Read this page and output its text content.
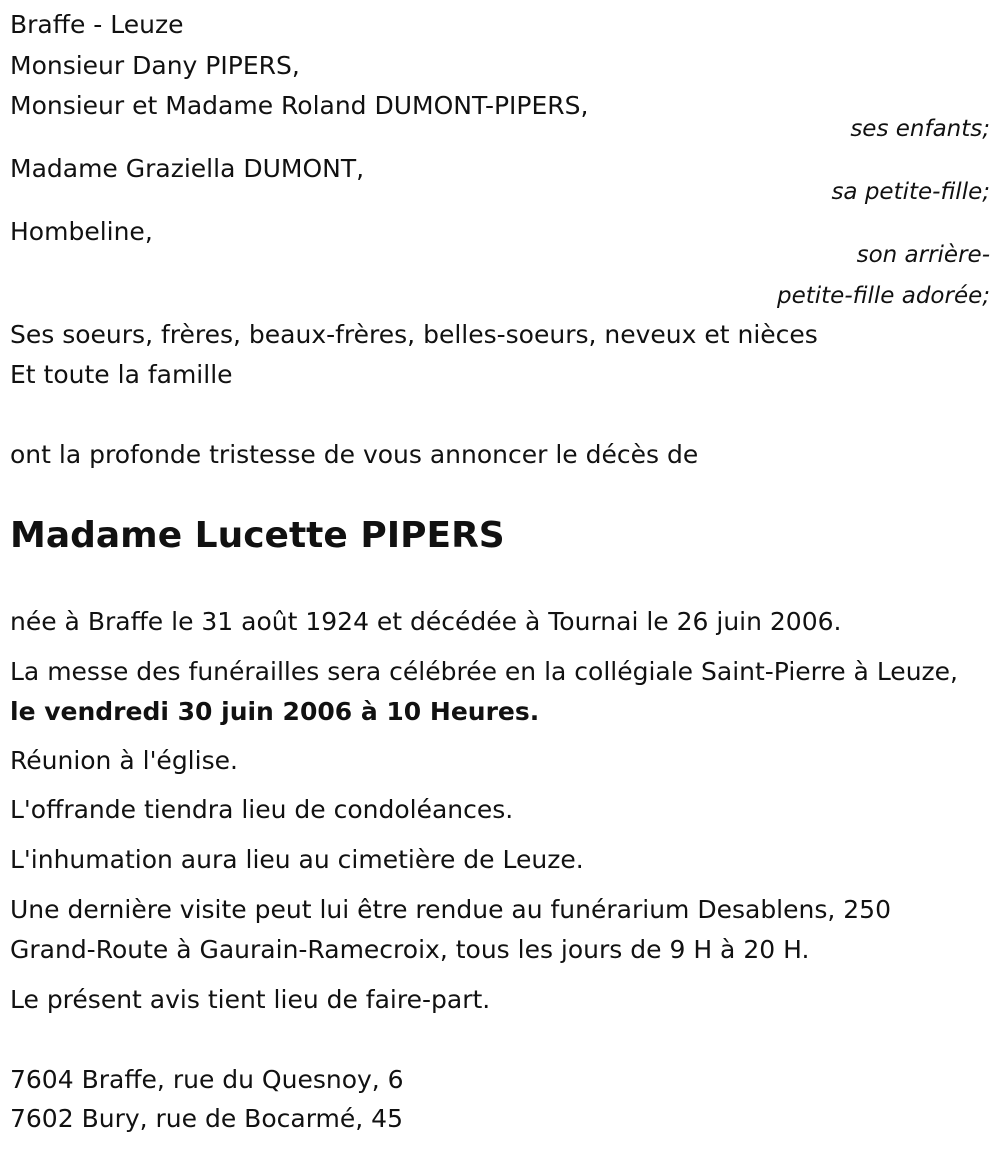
Braffe - Leuze
Monsieur Dany PIPERS,
Monsieur et Madame Roland DUMONT-PIPERS,
ses enfants;
Madame Graziella DUMONT,
sa petite-fille;
Hombeline,
son arrière-
petite-fille adorée;
Ses soeurs, frères, beaux-frères, belles-soeurs, neveux et nièces
Et toute la famille
ont la profonde tristesse de vous annoncer le décès de
Madame Lucette PIPERS
née à Braffe le 31 août 1924 et décédée à Tournai le 26 juin 2006.
La messe des funérailles sera célébrée en la collégiale Saint-Pierre à Leuze, le vendredi 30 juin 2006 à 10 Heures.
Réunion à l'église.
L'offrande tiendra lieu de condoléances.
L'inhumation aura lieu au cimetière de Leuze.
Une dernière visite peut lui être rendue au funérarium Desablens, 250 Grand-Route à Gaurain-Ramecroix, tous les jours de 9 H à 20 H.
Le présent avis tient lieu de faire-part.
7604 Braffe, rue du Quesnoy, 6
7602 Bury, rue de Bocarmé, 45
